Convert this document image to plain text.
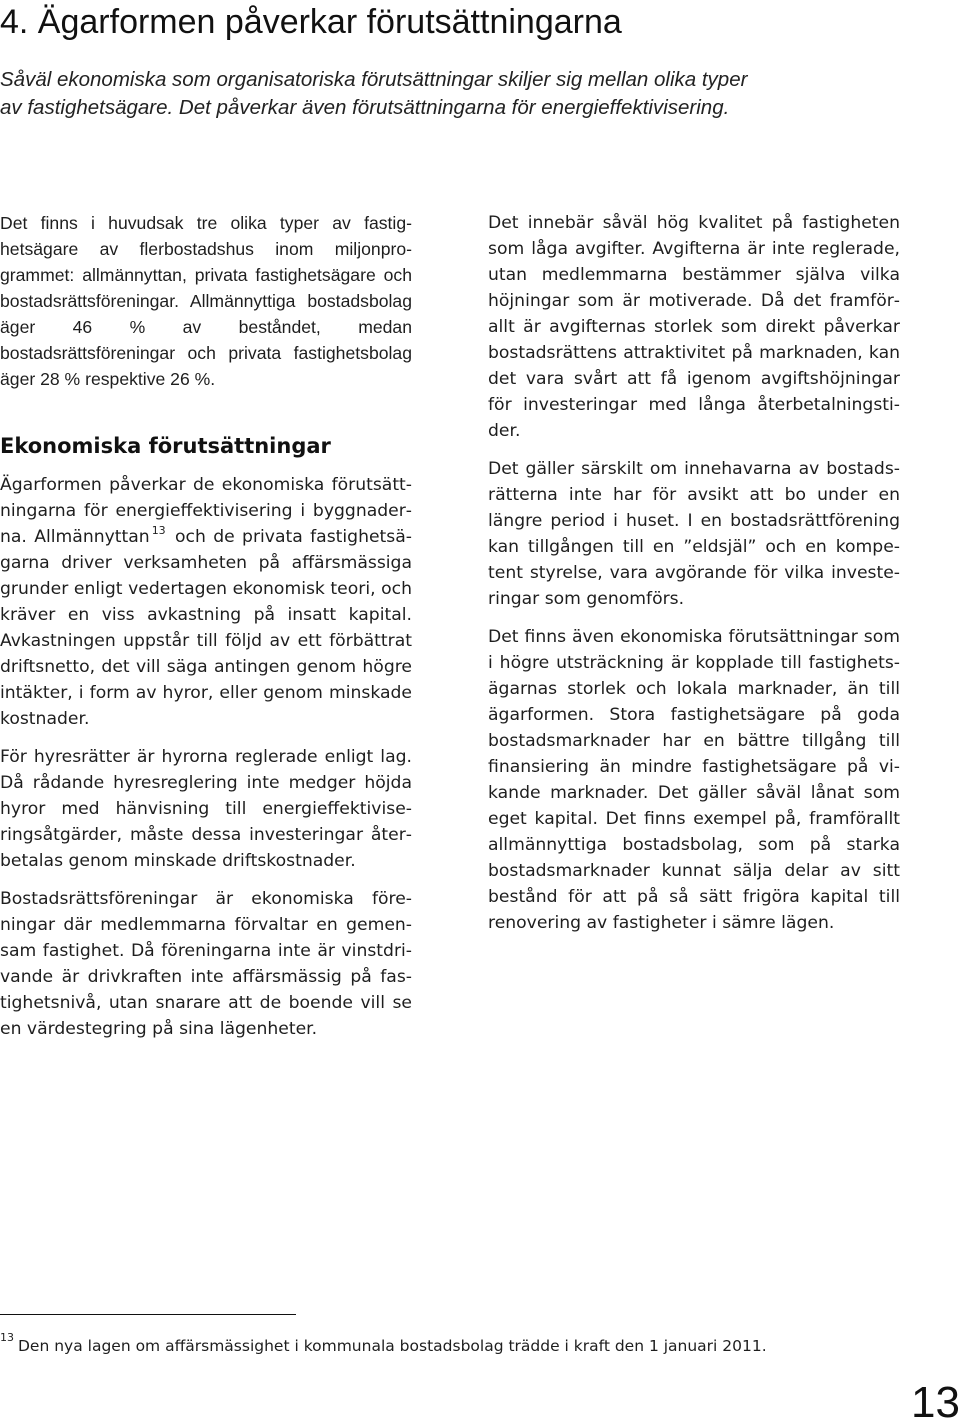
4. Ägarformen påverkar förutsättningarna

Såväl ekonomiska som organisatoriska förutsättningar skiljer sig mellan olika typer
av fastighetsägare. Det påverkar även förutsättningarna för energieffektivisering.

Det finns i huvudsak tre olika typer av fastighetsägare av flerbostadshus inom miljonprogrammet: allmännyttan, privata fastighetsägare och bostadsrättsföreningar. Allmännyttiga bostadsbolag äger 46 % av beståndet, medan bostadsrättsföreningar och privata fastighetsbolag äger 28 % respektive 26 %.

Ekonomiska förutsättningar

Ägarformen påverkar de ekonomiska förutsättningarna för energieffektivisering i byggnaderna. Allmännyttan $^{13}$ och de privata fastighetsägarna driver verksamheten på affärsmässiga grunder enligt vedertagen ekonomisk teori, och kräver en viss avkastning på insatt kapital. Avkastningen uppstår till följd av ett förbättrat driftsnetto, det vill säga antingen genom högre intäkter, i form av hyror, eller genom minskade kostnader.

För hyresrätter är hyrorna reglerade enligt lag. Då rådande hyresreglering inte medger höjda hyror med hänvisning till energieffektiviseringsåtgärder, måste dessa investeringar återbetalas genom minskade driftskostnader.

Bostadsrättsföreningar är ekonomiska föreningar där medlemmarna förvaltar en gemensam fastighet. Då föreningarna inte är vinstdrivande är drivkraften inte affärsmässig på fastighetsnivå, utan snarare att de boende vill se en värdestegring på sina lägenheter.

Det innebär såväl hög kvalitet på fastigheten som låga avgifter. Avgifterna är inte reglerade, utan medlemmarna bestämmer själva vilka höjningar som är motiverade. Då det framförallt är avgifternas storlek som direkt påverkar bostadsrättens attraktivitet på marknaden, kan det vara svårt att få igenom avgiftshöjningar för investeringar med långa återbetalningstider.

Det gäller särskilt om innehavarna av bostadsrätterna inte har för avsikt att bo under en längre period i huset. I en bostadsrättförening kan tillgången till en ”eldsjäl” och en kompetent styrelse, vara avgörande för vilka investeringar som genomförs.

Det finns även ekonomiska förutsättningar som i högre utsträckning är kopplade till fastighetsägarnas storlek och lokala marknader, än till ägarformen. Stora fastighetsägare på goda bostadsmarknader har en bättre tillgång till finansiering än mindre fastighetsägare på vikande marknader. Det gäller såväl lånat som eget kapital. Det finns exempel på, framförallt allmännyttiga bostadsbolag, som på starka bostadsmarknader kunnat sälja delar av sitt bestånd för att på så sätt frigöra kapital till renovering av fastigheter i sämre lägen.

$^{13}$ Den nya lagen om affärsmässighet i kommunala bostadsbolag trädde i kraft den 1 januari 2011.

13
